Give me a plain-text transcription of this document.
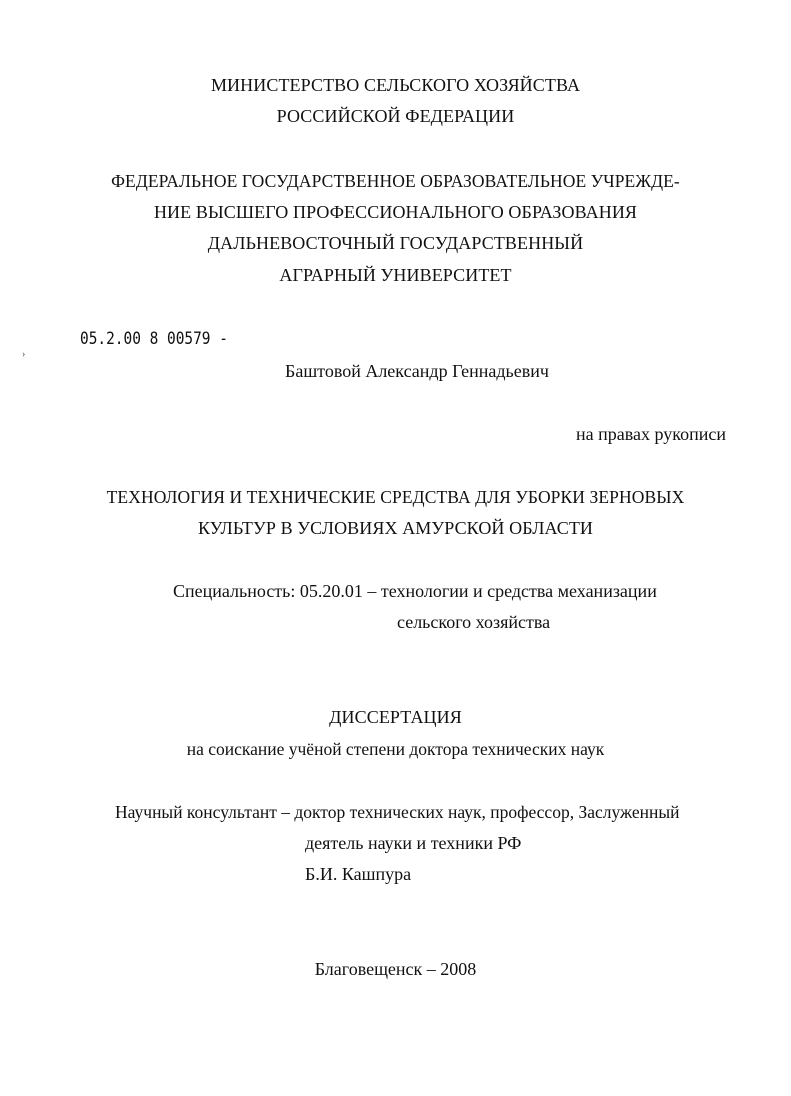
МИНИСТЕРСТВО СЕЛЬСКОГО ХОЗЯЙСТВА
РОССИЙСКОЙ ФЕДЕРАЦИИ
ФЕДЕРАЛЬНОЕ ГОСУДАРСТВЕННОЕ ОБРАЗОВАТЕЛЬНОЕ УЧРЕЖДЕ-
НИЕ ВЫСШЕГО ПРОФЕССИОНАЛЬНОГО ОБРАЗОВАНИЯ
ДАЛЬНЕВОСТОЧНЫЙ ГОСУДАРСТВЕННЫЙ
АГРАРНЫЙ УНИВЕРСИТЕТ
05.2.00 8 00579 -
›
Баштовой Александр Геннадьевич
на правах рукописи
ТЕХНОЛОГИЯ И ТЕХНИЧЕСКИЕ СРЕДСТВА ДЛЯ УБОРКИ ЗЕРНОВЫХ
КУЛЬТУР В УСЛОВИЯХ АМУРСКОЙ ОБЛАСТИ
Специальность: 05.20.01 – технологии и средства механизации
сельского хозяйства
ДИССЕРТАЦИЯ
на соискание учёной степени доктора технических наук
Научный консультант – доктор технических наук, профессор, Заслуженный
деятель науки и техники РФ
Б.И. Кашпура
Благовещенск – 2008
